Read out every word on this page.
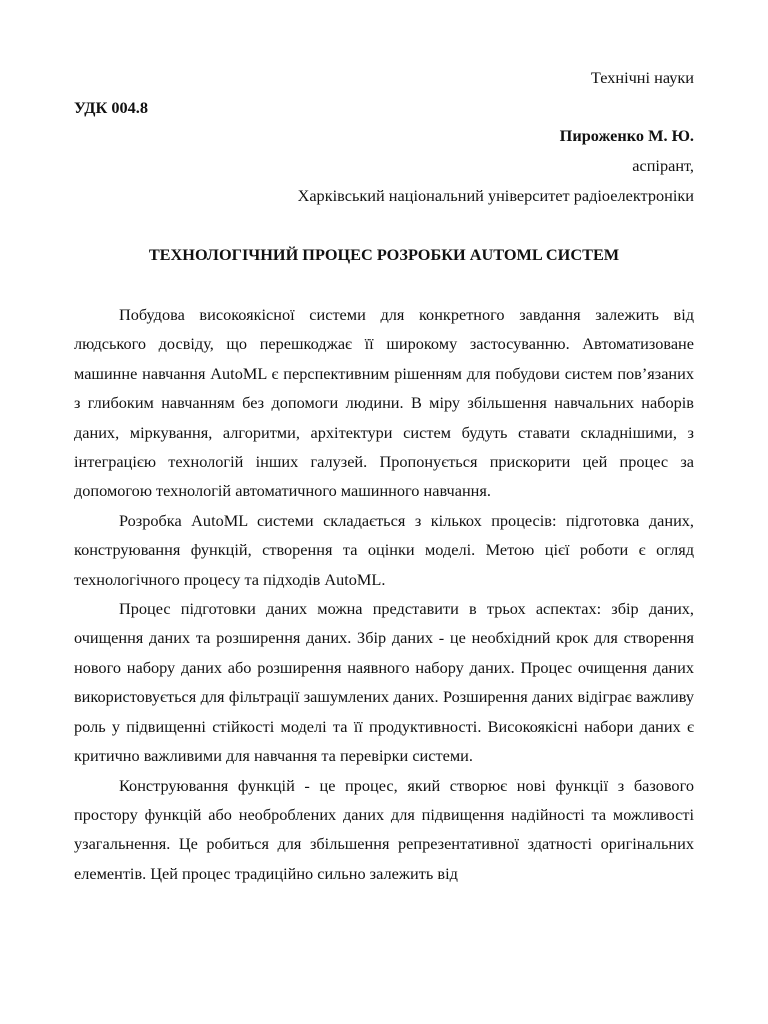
Технічні науки
УДК 004.8
Пироженко М. Ю.
аспірант,
Харківський національний університет радіоелектроніки
ТЕХНОЛОГІЧНИЙ ПРОЦЕС РОЗРОБКИ AUTOML СИСТЕМ

Побудова високоякісної системи для конкретного завдання залежить від людського досвіду, що перешкоджає її широкому застосуванню. Автоматизоване машинне навчання AutoML є перспективним рішенням для побудови систем пов’язаних з глибоким навчанням без допомоги людини. В міру збільшення навчальних наборів даних, міркування, алгоритми, архітектури систем будуть ставати складнішими, з інтеграцією технологій інших галузей. Пропонується прискорити цей процес за допомогою технологій автоматичного машинного навчання.

Розробка AutoML системи складається з кількох процесів: підготовка даних, конструювання функцій, створення та оцінки моделі. Метою цієї роботи є огляд технологічного процесу та підходів AutoML.

Процес підготовки даних можна представити в трьох аспектах: збір даних, очищення даних та розширення даних. Збір даних - це необхідний крок для створення нового набору даних або розширення наявного набору даних. Процес очищення даних використовується для фільтрації зашумлених даних. Розширення даних відіграє важливу роль у підвищенні стійкості моделі та її продуктивності. Високоякісні набори даних є критично важливими для навчання та перевірки системи.

Конструювання функцій - це процес, який створює нові функції з базового простору функцій або необроблених даних для підвищення надійності та можливості узагальнення. Це робиться для збільшення репрезентативної здатності оригінальних елементів. Цей процес традиційно сильно залежить від
